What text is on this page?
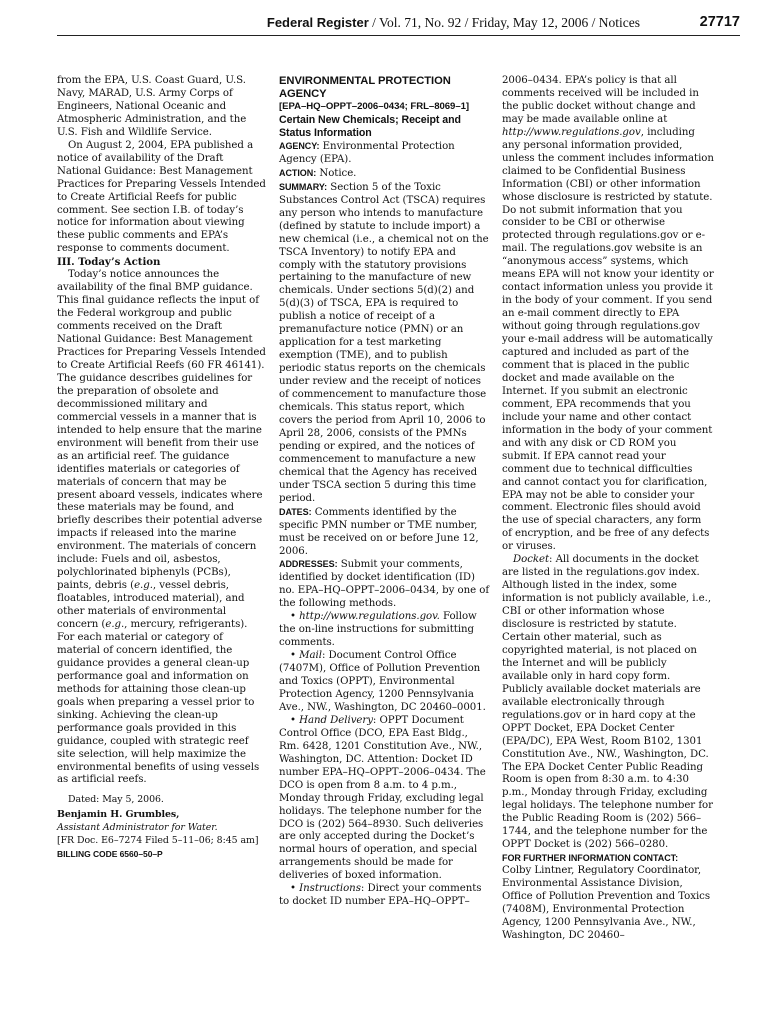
Federal Register / Vol. 71, No. 92 / Friday, May 12, 2006 / Notices	27717

from the EPA, U.S. Coast Guard, U.S. Navy, MARAD, U.S. Army Corps of Engineers, National Oceanic and Atmospheric Administration, and the U.S. Fish and Wildlife Service.

On August 2, 2004, EPA published a notice of availability of the Draft National Guidance: Best Management Practices for Preparing Vessels Intended to Create Artificial Reefs for public comment. See section I.B. of today’s notice for information about viewing these public comments and EPA’s response to comments document.

III. Today’s Action

Today’s notice announces the availability of the final BMP guidance. This final guidance reflects the input of the Federal workgroup and public comments received on the Draft National Guidance: Best Management Practices for Preparing Vessels Intended to Create Artificial Reefs (60 FR 46141). The guidance describes guidelines for the preparation of obsolete and decommissioned military and commercial vessels in a manner that is intended to help ensure that the marine environment will benefit from their use as an artificial reef. The guidance identifies materials or categories of materials of concern that may be present aboard vessels, indicates where these materials may be found, and briefly describes their potential adverse impacts if released into the marine environment. The materials of concern include: Fuels and oil, asbestos, polychlorinated biphenyls (PCBs), paints, debris (e.g., vessel debris, floatables, introduced material), and other materials of environmental concern (e.g., mercury, refrigerants). For each material or category of material of concern identified, the guidance provides a general clean-up performance goal and information on methods for attaining those clean-up goals when preparing a vessel prior to sinking. Achieving the clean-up performance goals provided in this guidance, coupled with strategic reef site selection, will help maximize the environmental benefits of using vessels as artificial reefs.

Dated: May 5, 2006.

Benjamin H. Grumbles,

Assistant Administrator for Water.

[FR Doc. E6–7274 Filed 5–11–06; 8:45 am]

BILLING CODE 6560–50–P

ENVIRONMENTAL PROTECTION AGENCY

[EPA–HQ–OPPT–2006–0434; FRL–8069–1]

Certain New Chemicals; Receipt and Status Information

AGENCY: Environmental Protection Agency (EPA).

ACTION: Notice.

SUMMARY: Section 5 of the Toxic Substances Control Act (TSCA) requires any person who intends to manufacture (defined by statute to include import) a new chemical (i.e., a chemical not on the TSCA Inventory) to notify EPA and comply with the statutory provisions pertaining to the manufacture of new chemicals. Under sections 5(d)(2) and 5(d)(3) of TSCA, EPA is required to publish a notice of receipt of a premanufacture notice (PMN) or an application for a test marketing exemption (TME), and to publish periodic status reports on the chemicals under review and the receipt of notices of commencement to manufacture those chemicals. This status report, which covers the period from April 10, 2006 to April 28, 2006, consists of the PMNs pending or expired, and the notices of commencement to manufacture a new chemical that the Agency has received under TSCA section 5 during this time period.

DATES: Comments identified by the specific PMN number or TME number, must be received on or before June 12, 2006.

ADDRESSES: Submit your comments, identified by docket identification (ID) no. EPA–HQ–OPPT–2006–0434, by one of the following methods.

• http://www.regulations.gov. Follow the on-line instructions for submitting comments.

• Mail: Document Control Office (7407M), Office of Pollution Prevention and Toxics (OPPT), Environmental Protection Agency, 1200 Pennsylvania Ave., NW., Washington, DC 20460–0001.

• Hand Delivery: OPPT Document Control Office (DCO, EPA East Bldg., Rm. 6428, 1201 Constitution Ave., NW., Washington, DC. Attention: Docket ID number EPA–HQ–OPPT–2006–0434. The DCO is open from 8 a.m. to 4 p.m., Monday through Friday, excluding legal holidays. The telephone number for the DCO is (202) 564–8930. Such deliveries are only accepted during the Docket’s normal hours of operation, and special arrangements should be made for deliveries of boxed information.

• Instructions: Direct your comments to docket ID number EPA–HQ–OPPT–

2006–0434. EPA’s policy is that all comments received will be included in the public docket without change and may be made available online at http://www.regulations.gov, including any personal information provided, unless the comment includes information claimed to be Confidential Business Information (CBI) or other information whose disclosure is restricted by statute. Do not submit information that you consider to be CBI or otherwise protected through regulations.gov or e-mail. The regulations.gov website is an “anonymous access” systems, which means EPA will not know your identity or contact information unless you provide it in the body of your comment. If you send an e-mail comment directly to EPA without going through regulations.gov your e-mail address will be automatically captured and included as part of the comment that is placed in the public docket and made available on the Internet. If you submit an electronic comment, EPA recommends that you include your name and other contact information in the body of your comment and with any disk or CD ROM you submit. If EPA cannot read your comment due to technical difficulties and cannot contact you for clarification, EPA may not be able to consider your comment. Electronic files should avoid the use of special characters, any form of encryption, and be free of any defects or viruses.

Docket: All documents in the docket are listed in the regulations.gov index. Although listed in the index, some information is not publicly available, i.e., CBI or other information whose disclosure is restricted by statute. Certain other material, such as copyrighted material, is not placed on the Internet and will be publicly available only in hard copy form. Publicly available docket materials are available electronically through regulations.gov or in hard copy at the OPPT Docket, EPA Docket Center (EPA/DC), EPA West, Room B102, 1301 Constitution Ave., NW., Washington, DC. The EPA Docket Center Public Reading Room is open from 8:30 a.m. to 4:30 p.m., Monday through Friday, excluding legal holidays. The telephone number for the Public Reading Room is (202) 566–1744, and the telephone number for the OPPT Docket is (202) 566–0280.

FOR FURTHER INFORMATION CONTACT:

Colby Lintner, Regulatory Coordinator, Environmental Assistance Division, Office of Pollution Prevention and Toxics (7408M), Environmental Protection Agency, 1200 Pennsylvania Ave., NW., Washington, DC 20460–
